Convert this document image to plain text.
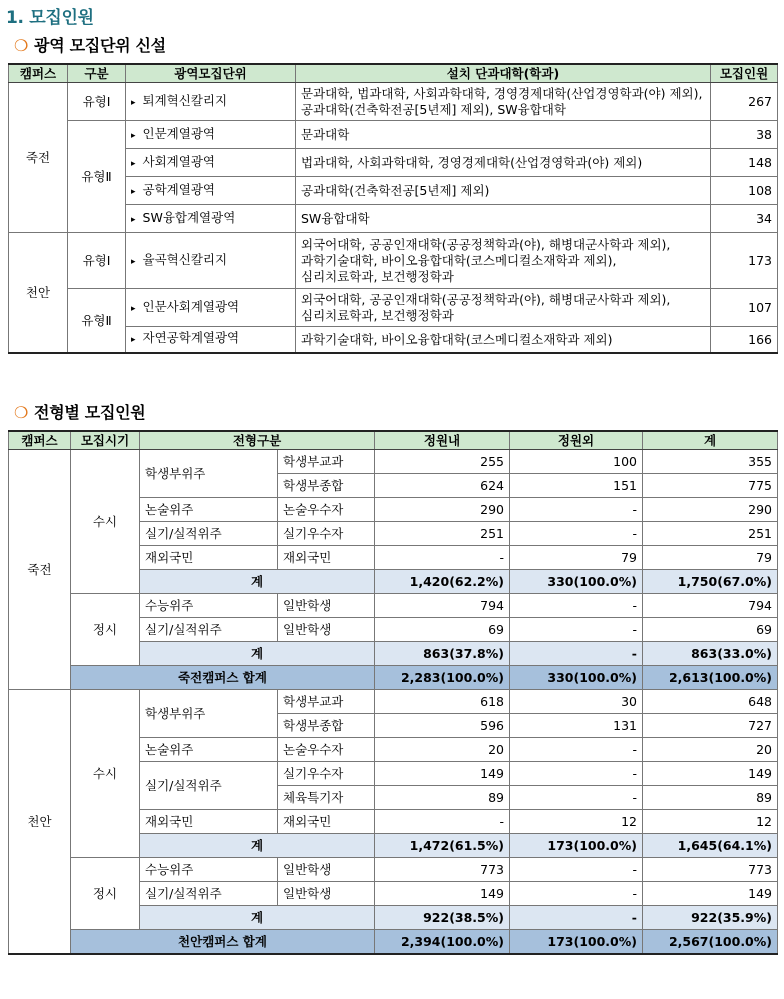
1. 모집인원
❍ 광역 모집단위 신설
캠퍼스	구분	광역모집단위	설치 단과대학(학과)	모집인원
죽전	유형Ⅰ	▸ 퇴계혁신칼리지	문과대학, 법과대학, 사회과학대학, 경영경제대학(산업경영학과(야) 제외),
공과대학(건축학전공[5년제] 제외), SW융합대학	267
	유형Ⅱ	▸ 인문계열광역	문과대학	38
		▸ 사회계열광역	법과대학, 사회과학대학, 경영경제대학(산업경영학과(야) 제외)	148
		▸ 공학계열광역	공과대학(건축학전공[5년제] 제외)	108
		▸ SW융합계열광역	SW융합대학	34
천안	유형Ⅰ	▸ 율곡혁신칼리지	외국어대학, 공공인재대학(공공정책학과(야), 해병대군사학과 제외),
과학기술대학, 바이오융합대학(코스메디컬소재학과 제외),
심리치료학과, 보건행정학과	173
	유형Ⅱ	▸ 인문사회계열광역	외국어대학, 공공인재대학(공공정책학과(야), 해병대군사학과 제외),
심리치료학과, 보건행정학과	107
		▸ 자연공학계열광역	과학기술대학, 바이오융합대학(코스메디컬소재학과 제외)	166
❍ 전형별 모집인원
캠퍼스	모집시기	전형구분		정원내	정원외	계
죽전	수시	학생부위주	학생부교과	255	100	355
			학생부종합	624	151	775
		논술위주	논술우수자	290	-	290
		실기/실적위주	실기우수자	251	-	251
		재외국민	재외국민	-	79	79
		계		1,420(62.2%)	330(100.0%)	1,750(67.0%)
	정시	수능위주	일반학생	794	-	794
		실기/실적위주	일반학생	69	-	69
		계		863(37.8%)	-	863(33.0%)
	죽전캠퍼스 합계			2,283(100.0%)	330(100.0%)	2,613(100.0%)
천안	수시	학생부위주	학생부교과	618	30	648
			학생부종합	596	131	727
		논술위주	논술우수자	20	-	20
		실기/실적위주	실기우수자	149	-	149
			체육특기자	89	-	89
		재외국민	재외국민	-	12	12
		계		1,472(61.5%)	173(100.0%)	1,645(64.1%)
	정시	수능위주	일반학생	773	-	773
		실기/실적위주	일반학생	149	-	149
		계		922(38.5%)	-	922(35.9%)
	천안캠퍼스 합계			2,394(100.0%)	173(100.0%)	2,567(100.0%)
